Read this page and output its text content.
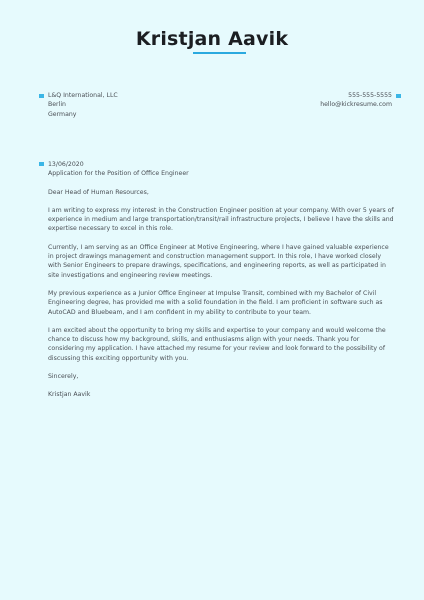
Kristjan Aavik
L&Q International, LLC
Berlin
Germany
555-555-5555
hello@kickresume.com

13/06/2020

Application for the Position of Office Engineer

Dear Head of Human Resources,

I am writing to express my interest in the Construction Engineer position at your company. With over 5 years of experience in medium and large transportation/transit/rail infrastructure projects, I believe I have the skills and expertise necessary to excel in this role.

Currently, I am serving as an Office Engineer at Motive Engineering, where I have gained valuable experience in project drawings management and construction management support. In this role, I have worked closely with Senior Engineers to prepare drawings, specifications, and engineering reports, as well as participated in site investigations and engineering review meetings.

My previous experience as a Junior Office Engineer at Impulse Transit, combined with my Bachelor of Civil Engineering degree, has provided me with a solid foundation in the field. I am proficient in software such as AutoCAD and Bluebeam, and I am confident in my ability to contribute to your team.

I am excited about the opportunity to bring my skills and expertise to your company and would welcome the chance to discuss how my background, skills, and enthusiasms align with your needs. Thank you for considering my application. I have attached my resume for your review and look forward to the possibility of discussing this exciting opportunity with you.

Sincerely,

Kristjan Aavik
